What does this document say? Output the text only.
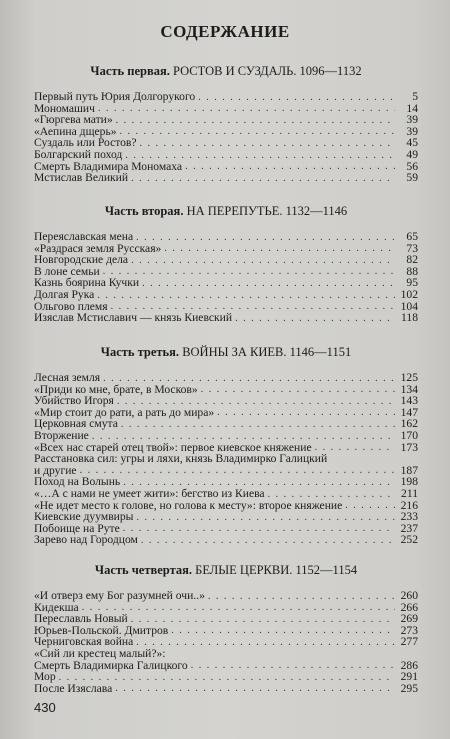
СОДЕРЖАНИЕ
Часть первая. РОСТОВ И СУЗДАЛЬ. 1096—1132
Первый путь Юрия Долгорукого . . .	5
Мономашич . . .	14
«Гюргева мати» . . .	39
«Аепина дщерь» . . .	39
Суздаль или Ростов? . . .	45
Болгарский поход . . .	49
Смерть Владимира Мономаха . . .	56
Мстислав Великий . . .	59
Часть вторая. НА ПЕРЕПУТЬЕ. 1132—1146
Переяславская мена . . .	65
«Раздрася земля Русская» . . .	73
Новгородские дела . . .	82
В лоне семьи . . .	88
Казнь боярина Кучки . . .	95
Долгая Рука . . .	102
Ольгово племя . . .	104
Изяслав Мстиславич — князь Киевский . . .	118
Часть третья. ВОЙНЫ ЗА КИЕВ. 1146—1151
Лесная земля . . .	125
«Приди ко мне, брате, в Москов» . . .	134
Убийство Игоря . . .	143
«Мир стоит до рати, а рать до мира» . . .	147
Церковная смута . . .	162
Вторжение . . .	170
«Всех нас старей отец твой»: первое киевское княжение . . .	173
Расстановка сил: угры и ляхи, князь Владимирко Галицкий
и другие . . .	187
Поход на Волынь . . .	198
«…А с нами не умеет жити»: бегство из Киева . . .	211
«Не идет место к голове, но голова к месту»: второе княжение . . .	216
Киевские дуумвиры . . .	233
Побоище на Руте . . .	237
Зарево над Городцом . . .	252
Часть четвертая. БЕЛЫЕ ЦЕРКВИ. 1152—1154
«И отверз ему Бог разумней очи..» . . .	260
Кидекша . . .	266
Переславль Новый . . .	269
Юрьев-Польской. Дмитров . . .	273
Черниговская война . . .	277
«Сий ли крестец малый?»:
Смерть Владимирка Галицкого . . .	286
Мор . . .	291
После Изяслава . . .	295
430
